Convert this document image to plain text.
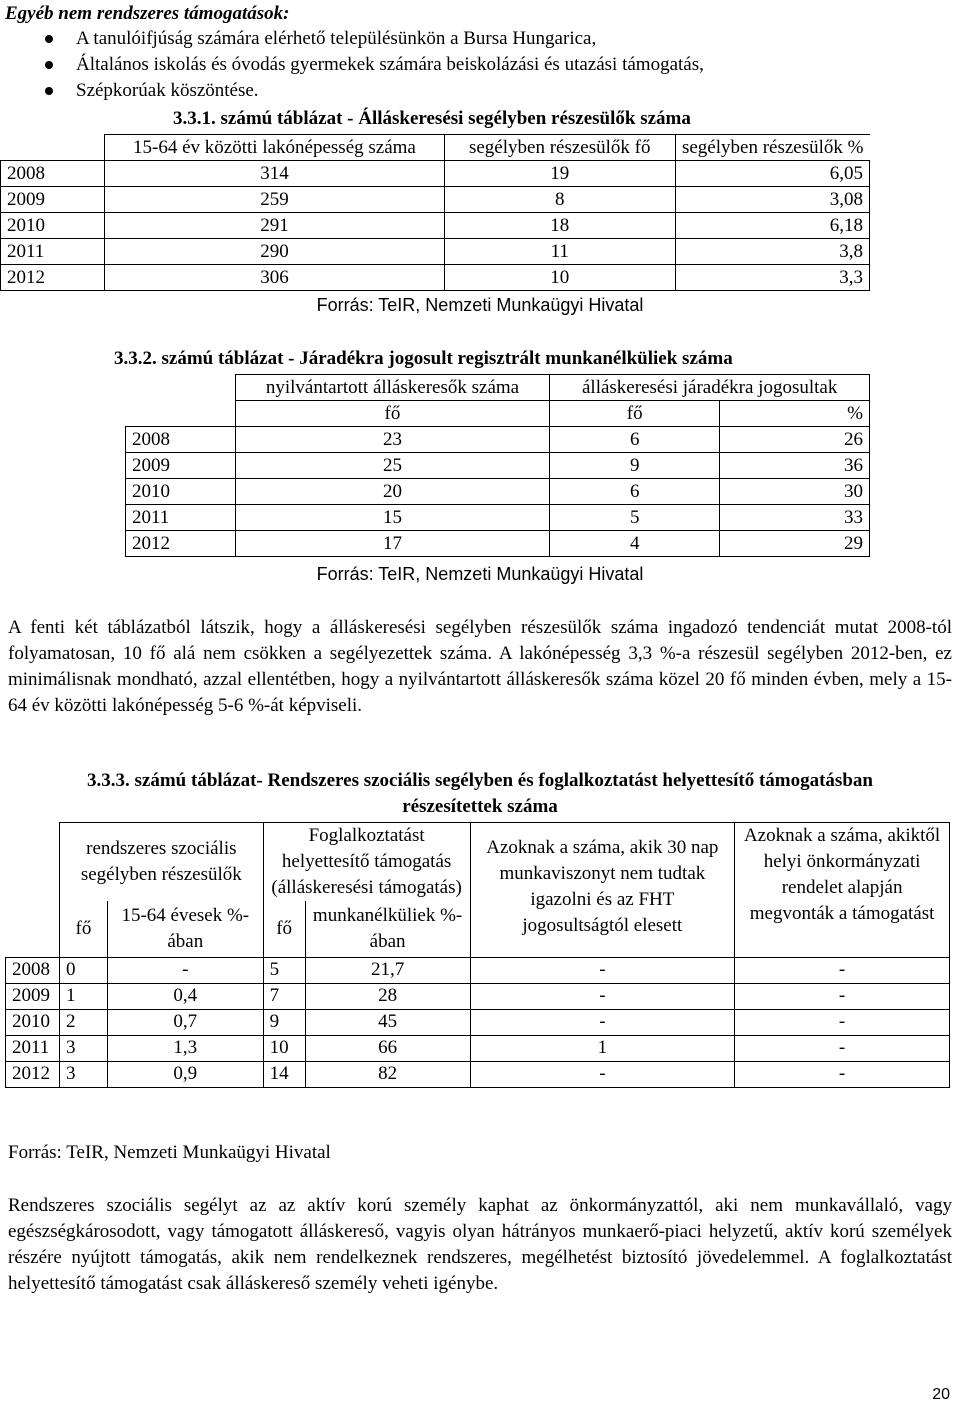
Egyéb nem rendszeres támogatások:
A tanulóifjúság számára elérhető településünkön a Bursa Hungarica,
Általános iskolás és óvodás gyermekek számára beiskolázási és utazási támogatás,
Szépkorúak köszöntése.
3.3.1. számú táblázat - Álláskeresési segélyben részesülők száma
	15-64 év közötti lakónépesség száma	segélyben részesülők fő	segélyben részesülők %
2008	314	19	6,05
2009	259	8	3,08
2010	291	18	6,18
2011	290	11	3,8
2012	306	10	3,3
Forrás: TeIR, Nemzeti Munkaügyi Hivatal
3.3.2. számú táblázat - Járadékra jogosult regisztrált munkanélküliek száma
	nyilvántartott álláskeresők száma	álláskeresési járadékra jogosultak	
	fő	fő	%
2008	23	6	26
2009	25	9	36
2010	20	6	30
2011	15	5	33
2012	17	4	29
Forrás: TeIR, Nemzeti Munkaügyi Hivatal

A fenti két táblázatból látszik, hogy a álláskeresési segélyben részesülők száma ingadozó tendenciát mutat 2008-tól folyamatosan, 10 fő alá nem csökken a segélyezettek száma. A lakónépesség 3,3 %-a részesül segélyben 2012-ben, ez minimálisnak mondható, azzal ellentétben, hogy a nyilvántartott álláskeresők száma közel 20 fő minden évben, mely a 15-64 év közötti lakónépesség 5-6 %-át képviseli.

3.3.3. számú táblázat- Rendszeres szociális segélyben és foglalkoztatást helyettesítő támogatásban
részesítettek száma
	rendszeres szociális segélyben részesülők		Foglalkoztatást helyettesítő támogatás (álláskeresési támogatás)		Azoknak a száma, akik 30 nap munkaviszonyt nem tudtak igazolni és az FHT jogosultságtól elesett	Azoknak a száma, akiktől helyi önkormányzati rendelet alapján megvonták a támogatást
	fő	15-64 évesek %-ában	fő	munkanélküliek %-ában		
2008	0	-	5	21,7	-	-
2009	1	0,4	7	28	-	-
2010	2	0,7	9	45	-	-
2011	3	1,3	10	66	1	-
2012	3	0,9	14	82	-	-
Forrás: TeIR, Nemzeti Munkaügyi Hivatal

Rendszeres szociális segélyt az az aktív korú személy kaphat az önkormányzattól, aki nem munkavállaló, vagy egészségkárosodott, vagy támogatott álláskereső, vagyis olyan hátrányos munkaerő-piaci helyzetű, aktív korú személyek részére nyújtott támogatás, akik nem rendelkeznek rendszeres, megélhetést biztosító jövedelemmel. A foglalkoztatást helyettesítő támogatást csak álláskereső személy veheti igénybe.

20
